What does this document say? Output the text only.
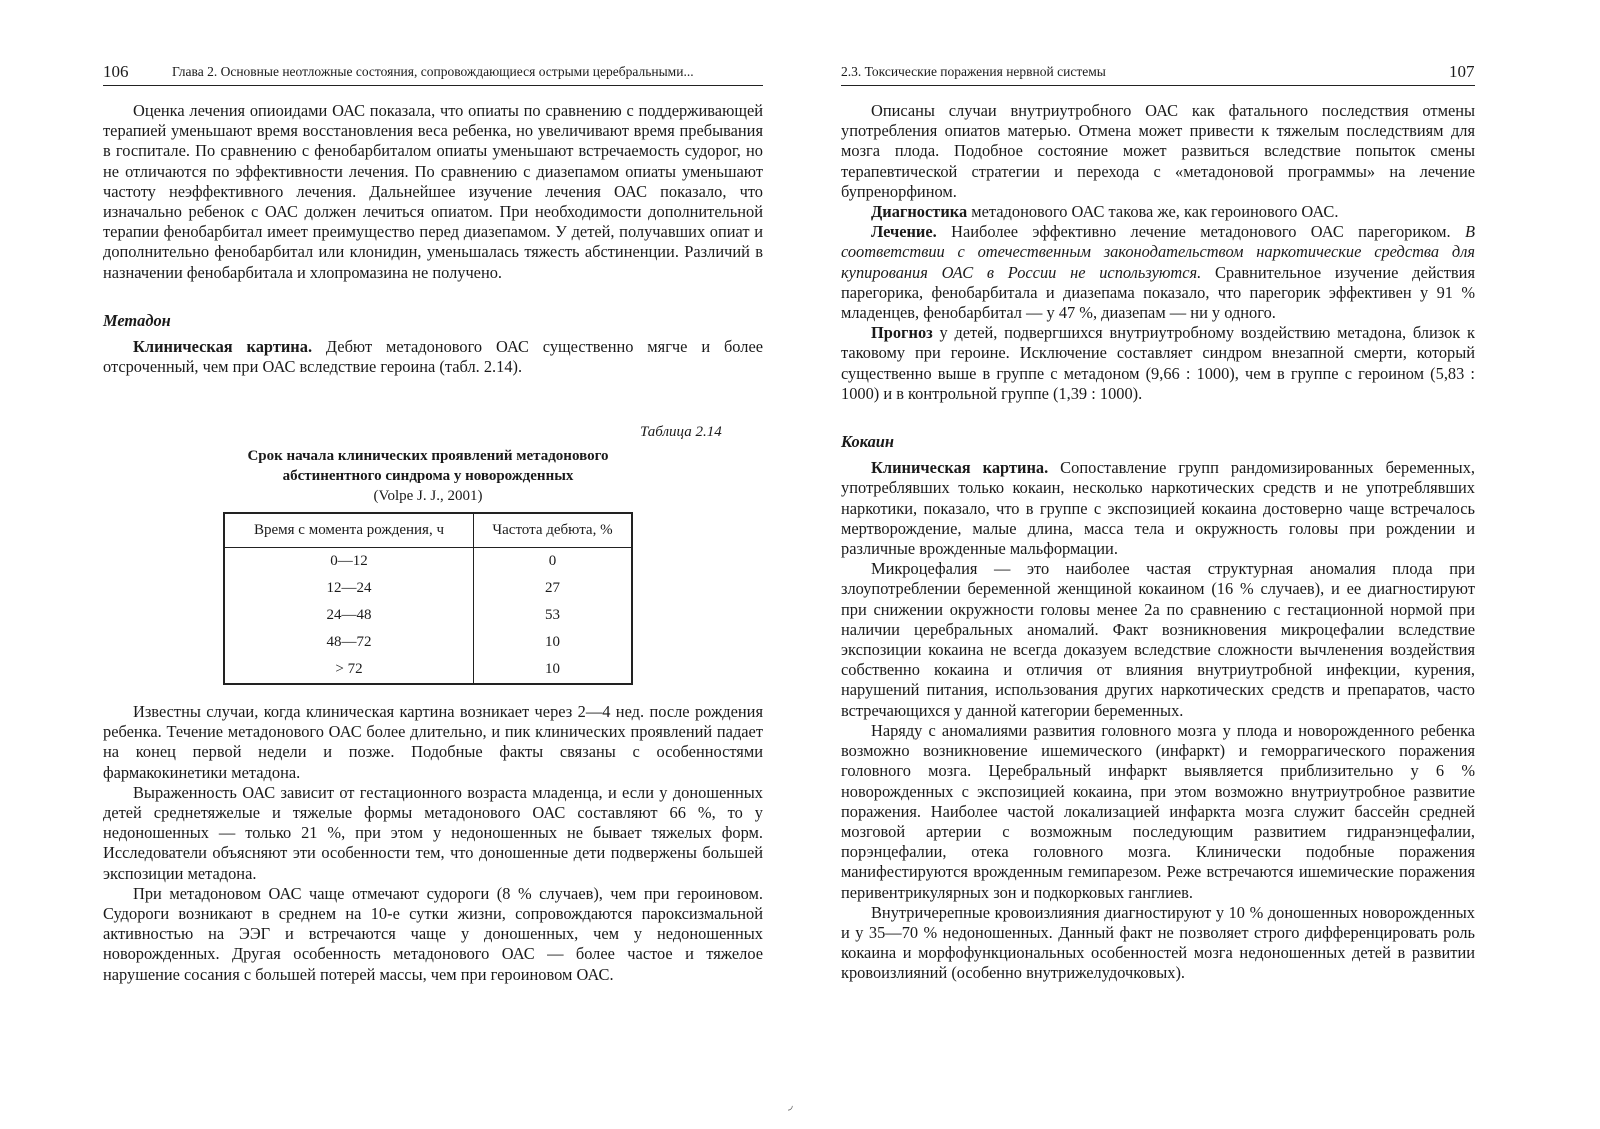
106	Глава 2. Основные неотложные состояния, сопровождающиеся острыми церебральными...

Оценка лечения опиоидами ОАС показала, что опиаты по сравнению с поддерживающей терапией уменьшают время восстановления веса ребенка, но увеличивают время пребывания в госпитале. По сравнению с фенобарбиталом опиаты уменьшают встречаемость судорог, но не отличаются по эффективности лечения. По сравнению с диазепамом опиаты уменьшают частоту неэффективного лечения. Дальнейшее изучение лечения ОАС показало, что изначально ребенок с ОАС должен лечиться опиатом. При необходимости дополнительной терапии фенобарбитал имеет преимущество перед диазепамом. У детей, получавших опиат и дополнительно фенобарбитал или клонидин, уменьшалась тяжесть абстиненции. Различий в назначении фенобарбитала и хлопромазина не получено.

Метадон

Клиническая картина. Дебют метадонового ОАС существенно мягче и более отсроченный, чем при ОАС вследствие героина (табл. 2.14).

Таблица 2.14
Срок начала клинических проявлений метадонового
абстинентного синдрома у новорожденных
(Volpe J. J., 2001)
Время с момента рождения, ч	Частота дебюта, %
0—12	0
12—24	27
24—48	53
48—72	10
> 72	10

Известны случаи, когда клиническая картина возникает через 2—4 нед. после рождения ребенка. Течение метадонового ОАС более длительно, и пик клинических проявлений падает на конец первой недели и позже. Подобные факты связаны с особенностями фармакокинетики метадона.

Выраженность ОАС зависит от гестационного возраста младенца, и если у доношенных детей среднетяжелые и тяжелые формы метадонового ОАС составляют 66 %, то у недоношенных — только 21 %, при этом у недоношенных не бывает тяжелых форм. Исследователи объясняют эти особенности тем, что доношенные дети подвержены большей экспозиции метадона.

При метадоновом ОАС чаще отмечают судороги (8 % случаев), чем при героиновом. Судороги возникают в среднем на 10-е сутки жизни, сопровождаются пароксизмальной активностью на ЭЭГ и встречаются чаще у доношенных, чем у недоношенных новорожденных. Другая особенность метадонового ОАС — более частое и тяжелое нарушение сосания с большей потерей массы, чем при героиновом ОАС.

2.3. Токсические поражения нервной системы	107

Описаны случаи внутриутробного ОАС как фатального последствия отмены употребления опиатов матерью. Отмена может привести к тяжелым последствиям для мозга плода. Подобное состояние может развиться вследствие попыток смены терапевтической стратегии и перехода с «метадоновой программы» на лечение бупренорфином.

Диагностика метадонового ОАС такова же, как героинового ОАС.

Лечение. Наиболее эффективно лечение метадонового ОАС парегориком. В соответствии с отечественным законодательством наркотические средства для купирования ОАС в России не используются. Сравнительное изучение действия парегорика, фенобарбитала и диазепама показало, что парегорик эффективен у 91 % младенцев, фенобарбитал — у 47 %, диазепам — ни у одного.

Прогноз у детей, подвергшихся внутриутробному воздействию метадона, близок к таковому при героине. Исключение составляет синдром внезапной смерти, который существенно выше в группе с метадоном (9,66 : 1000), чем в группе с героином (5,83 : 1000) и в контрольной группе (1,39 : 1000).

Кокаин

Клиническая картина. Сопоставление групп рандомизированных беременных, употреблявших только кокаин, несколько наркотических средств и не употреблявших наркотики, показало, что в группе с экспозицией кокаина достоверно чаще встречалось мертворождение, малые длина, масса тела и окружность головы при рождении и различные врожденные мальформации.

Микроцефалия — это наиболее частая структурная аномалия плода при злоупотреблении беременной женщиной кокаином (16 % случаев), и ее диагностируют при снижении окружности головы менее 2а по сравнению с гестационной нормой при наличии церебральных аномалий. Факт возникновения микроцефалии вследствие экспозиции кокаина не всегда доказуем вследствие сложности вычленения воздействия собственно кокаина и отличия от влияния внутриутробной инфекции, курения, нарушений питания, использования других наркотических средств и препаратов, часто встречающихся у данной категории беременных.

Наряду с аномалиями развития головного мозга у плода и новорожденного ребенка возможно возникновение ишемического (инфаркт) и геморрагического поражения головного мозга. Церебральный инфаркт выявляется приблизительно у 6 % новорожденных с экспозицией кокаина, при этом возможно внутриутробное развитие поражения. Наиболее частой локализацией инфаркта мозга служит бассейн средней мозговой артерии с возможным последующим развитием гидранэнцефалии, порэнцефалии, отека головного мозга. Клинически подобные поражения манифестируются врожденным гемипарезом. Реже встречаются ишемические поражения перивентрикулярных зон и подкорковых ганглиев.

Внутричерепные кровоизлияния диагностируют у 10 % доношенных новорожденных и у 35—70 % недоношенных. Данный факт не позволяет строго дифференцировать роль кокаина и морфофункциональных особенностей мозга недоношенных детей в развитии кровоизлияний (особенно внутрижелудочковых).

◞
